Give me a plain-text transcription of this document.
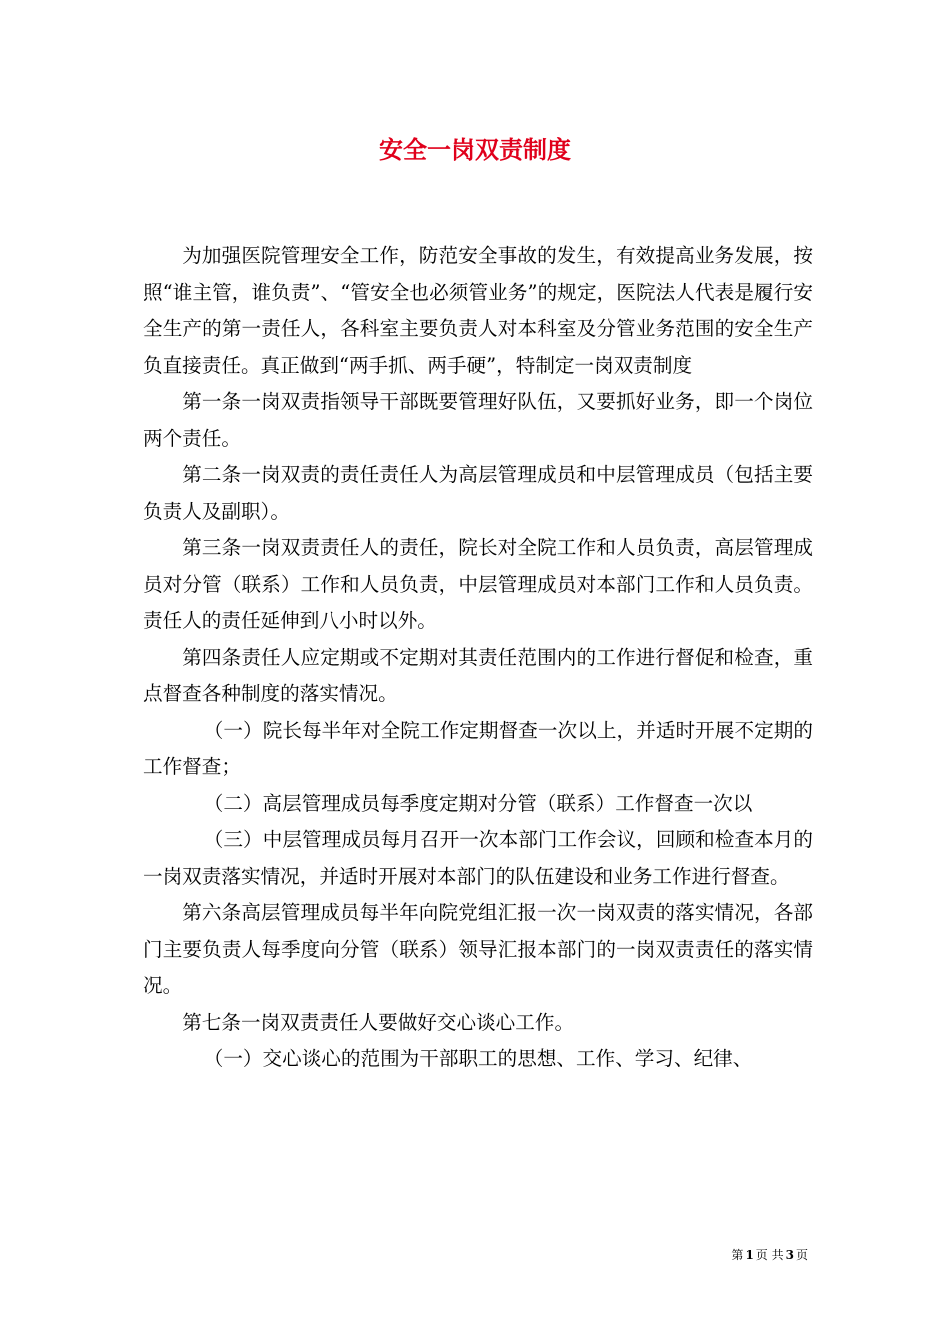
安全一岗双责制度

为加强医院管理安全工作，防范安全事故的发生，有效提高业务发展，按照“谁主管，谁负责”、“管安全也必须管业务”的规定，医院法人代表是履行安全生产的第一责任人，各科室主要负责人对本科室及分管业务范围的安全生产负直接责任。真正做到“两手抓、两手硬”，特制定一岗双责制度

第一条一岗双责指领导干部既要管理好队伍，又要抓好业务，即一个岗位两个责任。

第二条一岗双责的责任责任人为高层管理成员和中层管理成员（包括主要负责人及副职）。

第三条一岗双责责任人的责任，院长对全院工作和人员负责，高层管理成员对分管（联系）工作和人员负责，中层管理成员对本部门工作和人员负责。责任人的责任延伸到八小时以外。

第四条责任人应定期或不定期对其责任范围内的工作进行督促和检查，重点督查各种制度的落实情况。

（一）院长每半年对全院工作定期督查一次以上，并适时开展不定期的工作督查；

（二）高层管理成员每季度定期对分管（联系）工作督查一次以

（三）中层管理成员每月召开一次本部门工作会议，回顾和检查本月的一岗双责落实情况，并适时开展对本部门的队伍建设和业务工作进行督查。

第六条高层管理成员每半年向院党组汇报一次一岗双责的落实情况，各部门主要负责人每季度向分管（联系）领导汇报本部门的一岗双责责任的落实情况。

第七条一岗双责责任人要做好交心谈心工作。

（一）交心谈心的范围为干部职工的思想、工作、学习、纪律、

第 1 页 共 3 页
